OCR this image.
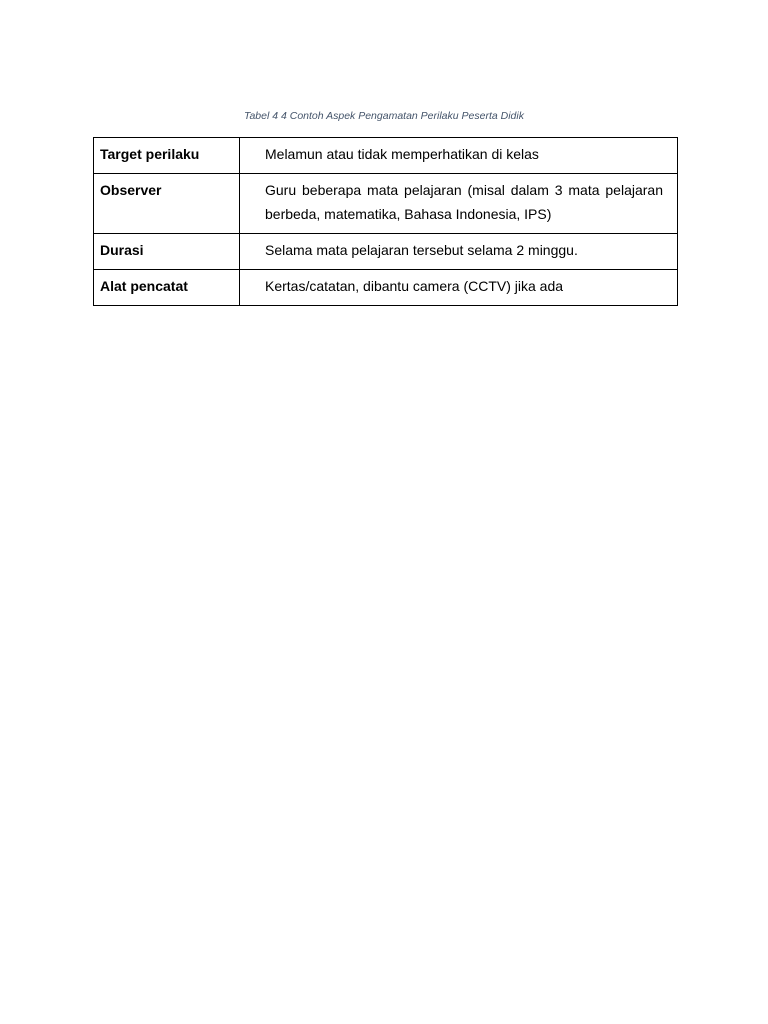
Tabel 4 4 Contoh Aspek Pengamatan Perilaku Peserta Didik
Target perilaku	Melamun atau tidak memperhatikan di kelas
Observer	Guru beberapa mata pelajaran (misal dalam 3 mata pelajaran berbeda, matematika, Bahasa Indonesia, IPS)
Durasi	Selama mata pelajaran tersebut selama 2 minggu.
Alat pencatat	Kertas/catatan, dibantu camera (CCTV) jika ada
